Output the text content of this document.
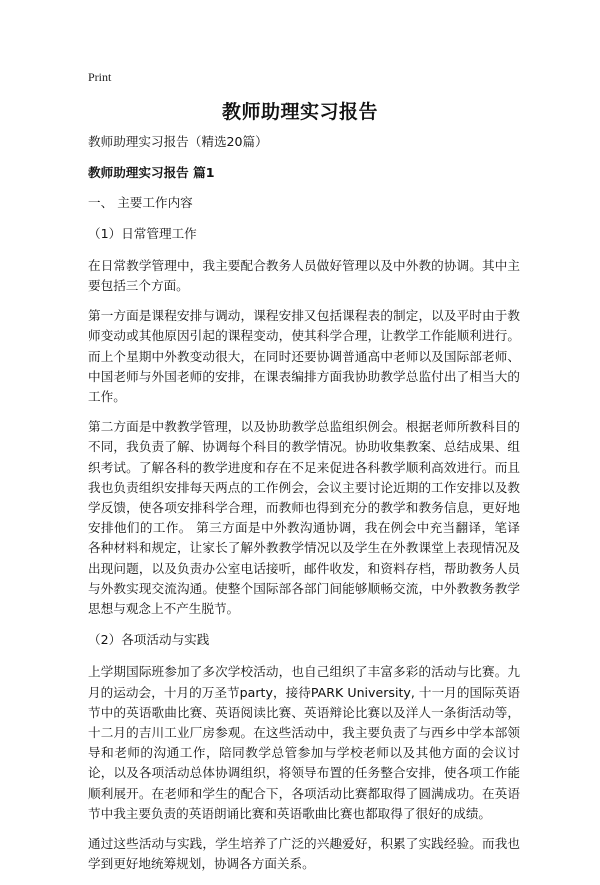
Print
教师助理实习报告

教师助理实习报告（精选20篇）

教师助理实习报告 篇1

一、 主要工作内容

（1）日常管理工作

在日常教学管理中，我主要配合教务人员做好管理以及中外教的协调。其中主要包括三个方面。

第一方面是课程安排与调动，课程安排又包括课程表的制定，以及平时由于教师变动或其他原因引起的课程变动，使其科学合理，让教学工作能顺利进行。而上个星期中外教变动很大，在同时还要协调普通高中老师以及国际部老师、中国老师与外国老师的安排，在课表编排方面我协助教学总监付出了相当大的工作。

第二方面是中教教学管理，以及协助教学总监组织例会。根据老师所教科目的不同，我负责了解、协调每个科目的教学情况。协助收集教案、总结成果、组织考试。了解各科的教学进度和存在不足来促进各科教学顺利高效进行。而且我也负责组织安排每天两点的工作例会，会议主要讨论近期的工作安排以及教学反馈，使各项安排科学合理，而教师也得到充分的教学和教务信息，更好地安排他们的工作。 第三方面是中外教沟通协调，我在例会中充当翻译，笔译各种材料和规定，让家长了解外教教学情况以及学生在外教课堂上表现情况及出现问题，以及负责办公室电话接听，邮件收发，和资料存档，帮助教务人员与外教实现交流沟通。使整个国际部各部门间能够顺畅交流，中外教教务教学思想与观念上不产生脱节。

（2）各项活动与实践

上学期国际班参加了多次学校活动，也自己组织了丰富多彩的活动与比赛。九月的运动会，十月的万圣节party，接待PARK University, 十一月的国际英语节中的英语歌曲比赛、英语阅读比赛、英语辩论比赛以及洋人一条街活动等，十二月的吉川工业厂房参观。在这些活动中，我主要负责了与西乡中学本部领导和老师的沟通工作，陪同教学总管参加与学校老师以及其他方面的会议讨论，以及各项活动总体协调组织，将领导布置的任务整合安排，使各项工作能顺利展开。在老师和学生的配合下，各项活动比赛都取得了圆满成功。在英语节中我主要负责的英语朗诵比赛和英语歌曲比赛也都取得了很好的成绩。

通过这些活动与实践，学生培养了广泛的兴趣爱好，积累了实践经验。而我也学到更好地统筹规划，协调各方面关系。
